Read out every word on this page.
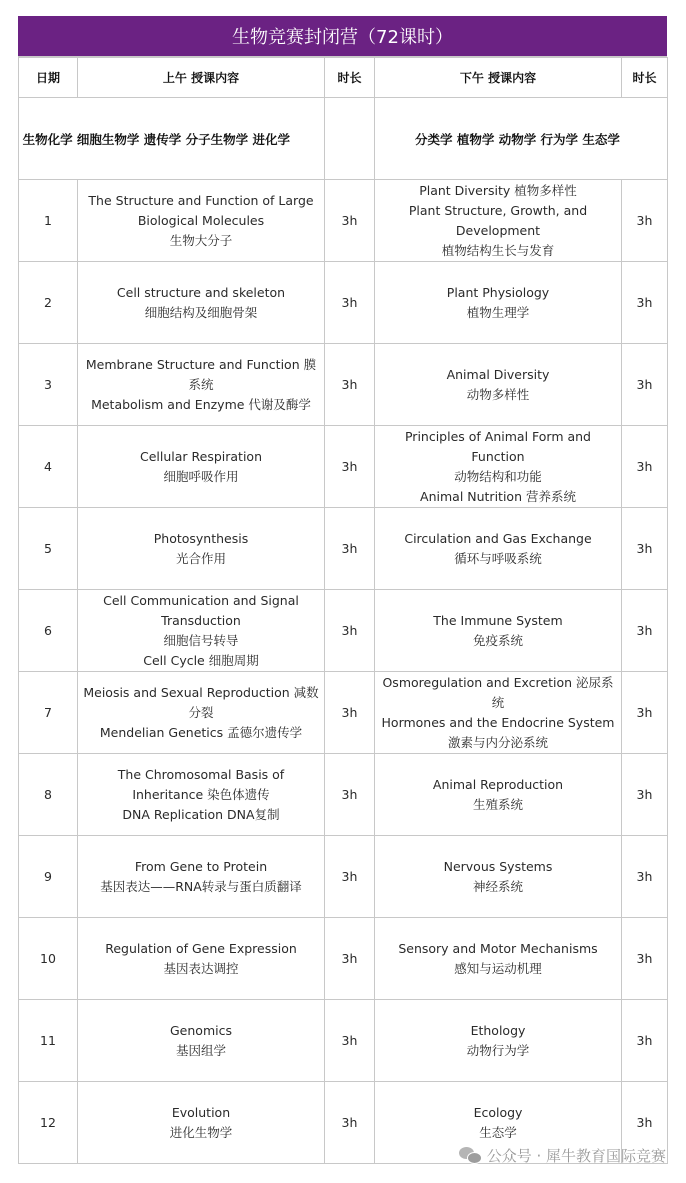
生物竞赛封闭营（72课时）
日期	上午 授课内容	时长	下午 授课内容	时长
生物化学 细胞生物学 遗传学 分子生物学 进化学			分类学 植物学 动物学 行为学 生态学	
1	The Structure and Function of Large Biological Molecules
生物大分子	3h	Plant Diversity 植物多样性
Plant Structure, Growth, and Development
植物结构生长与发育	3h
2	Cell structure and skeleton
细胞结构及细胞骨架	3h	Plant Physiology
植物生理学	3h
3	Membrane Structure and Function 膜系统
Metabolism and Enzyme 代谢及酶学	3h	Animal Diversity
动物多样性	3h
4	Cellular Respiration
细胞呼吸作用	3h	Principles of Animal Form and Function
动物结构和功能
Animal Nutrition 营养系统	3h
5	Photosynthesis
光合作用	3h	Circulation and Gas Exchange
循环与呼吸系统	3h
6	Cell Communication and Signal Transduction
细胞信号转导
Cell Cycle 细胞周期	3h	The Immune System
免疫系统	3h
7	Meiosis and Sexual Reproduction 减数分裂
Mendelian Genetics 孟德尔遗传学	3h	Osmoregulation and Excretion 泌尿系统
Hormones and the Endocrine System
激素与内分泌系统	3h
8	The Chromosomal Basis of Inheritance 染色体遗传
DNA Replication DNA复制	3h	Animal Reproduction
生殖系统	3h
9	From Gene to Protein
基因表达——RNA转录与蛋白质翻译	3h	Nervous Systems
神经系统	3h
10	Regulation of Gene Expression
基因表达调控	3h	Sensory and Motor Mechanisms
感知与运动机理	3h
11	Genomics
基因组学	3h	Ethology
动物行为学	3h
12	Evolution
进化生物学	3h	Ecology
生态学	3h
公众号 · 犀牛教育国际竞赛
